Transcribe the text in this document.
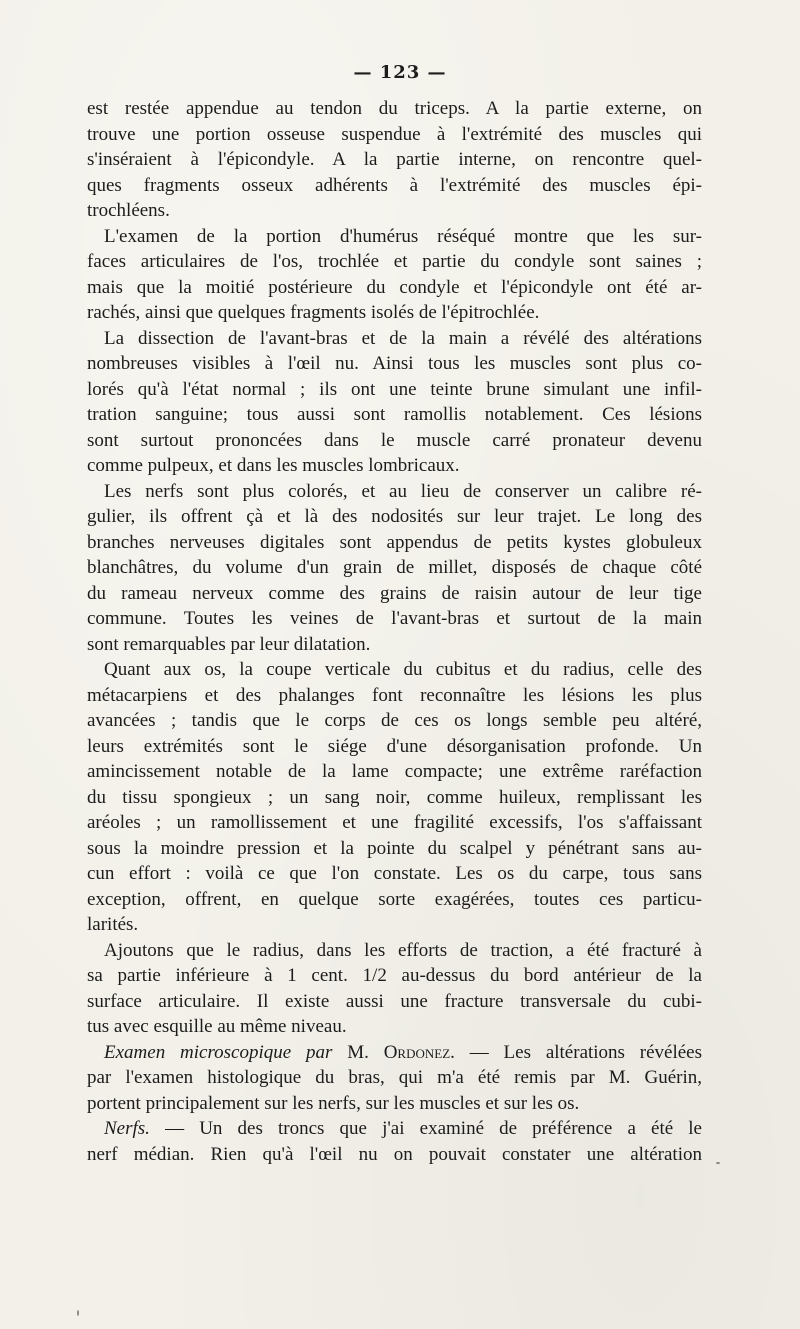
— 123 —
est restée appendue au tendon du triceps. A la partie externe, on
trouve une portion osseuse suspendue à l'extrémité des muscles qui
s'inséraient à l'épicondyle. A la partie interne, on rencontre quel-
ques fragments osseux adhérents à l'extrémité des muscles épi-
trochléens.
L'examen de la portion d'humérus réséqué montre que les sur-
faces articulaires de l'os, trochlée et partie du condyle sont saines ;
mais que la moitié postérieure du condyle et l'épicondyle ont été ar-
rachés, ainsi que quelques fragments isolés de l'épitrochlée.
La dissection de l'avant-bras et de la main a révélé des altérations
nombreuses visibles à l'œil nu. Ainsi tous les muscles sont plus co-
lorés qu'à l'état normal ; ils ont une teinte brune simulant une infil-
tration sanguine; tous aussi sont ramollis notablement. Ces lésions
sont surtout prononcées dans le muscle carré pronateur devenu
comme pulpeux, et dans les muscles lombricaux.
Les nerfs sont plus colorés, et au lieu de conserver un calibre ré-
gulier, ils offrent çà et là des nodosités sur leur trajet. Le long des
branches nerveuses digitales sont appendus de petits kystes globuleux
blanchâtres, du volume d'un grain de millet, disposés de chaque côté
du rameau nerveux comme des grains de raisin autour de leur tige
commune. Toutes les veines de l'avant-bras et surtout de la main
sont remarquables par leur dilatation.
Quant aux os, la coupe verticale du cubitus et du radius, celle des
métacarpiens et des phalanges font reconnaître les lésions les plus
avancées ; tandis que le corps de ces os longs semble peu altéré,
leurs extrémités sont le siége d'une désorganisation profonde. Un
amincissement notable de la lame compacte; une extrême raréfaction
du tissu spongieux ; un sang noir, comme huileux, remplissant les
aréoles ; un ramollissement et une fragilité excessifs, l'os s'affaissant
sous la moindre pression et la pointe du scalpel y pénétrant sans au-
cun effort : voilà ce que l'on constate. Les os du carpe, tous sans
exception, offrent, en quelque sorte exagérées, toutes ces particu-
larités.
Ajoutons que le radius, dans les efforts de traction, a été fracturé à
sa partie inférieure à 1 cent. 1/2 au-dessus du bord antérieur de la
surface articulaire. Il existe aussi une fracture transversale du cubi-
tus avec esquille au même niveau.
Examen microscopique par M. Ordonez. — Les altérations révélées
par l'examen histologique du bras, qui m'a été remis par M. Guérin,
portent principalement sur les nerfs, sur les muscles et sur les os.
Nerfs. — Un des troncs que j'ai examiné de préférence a été le
nerf médian. Rien qu'à l'œil nu on pouvait constater une altération
